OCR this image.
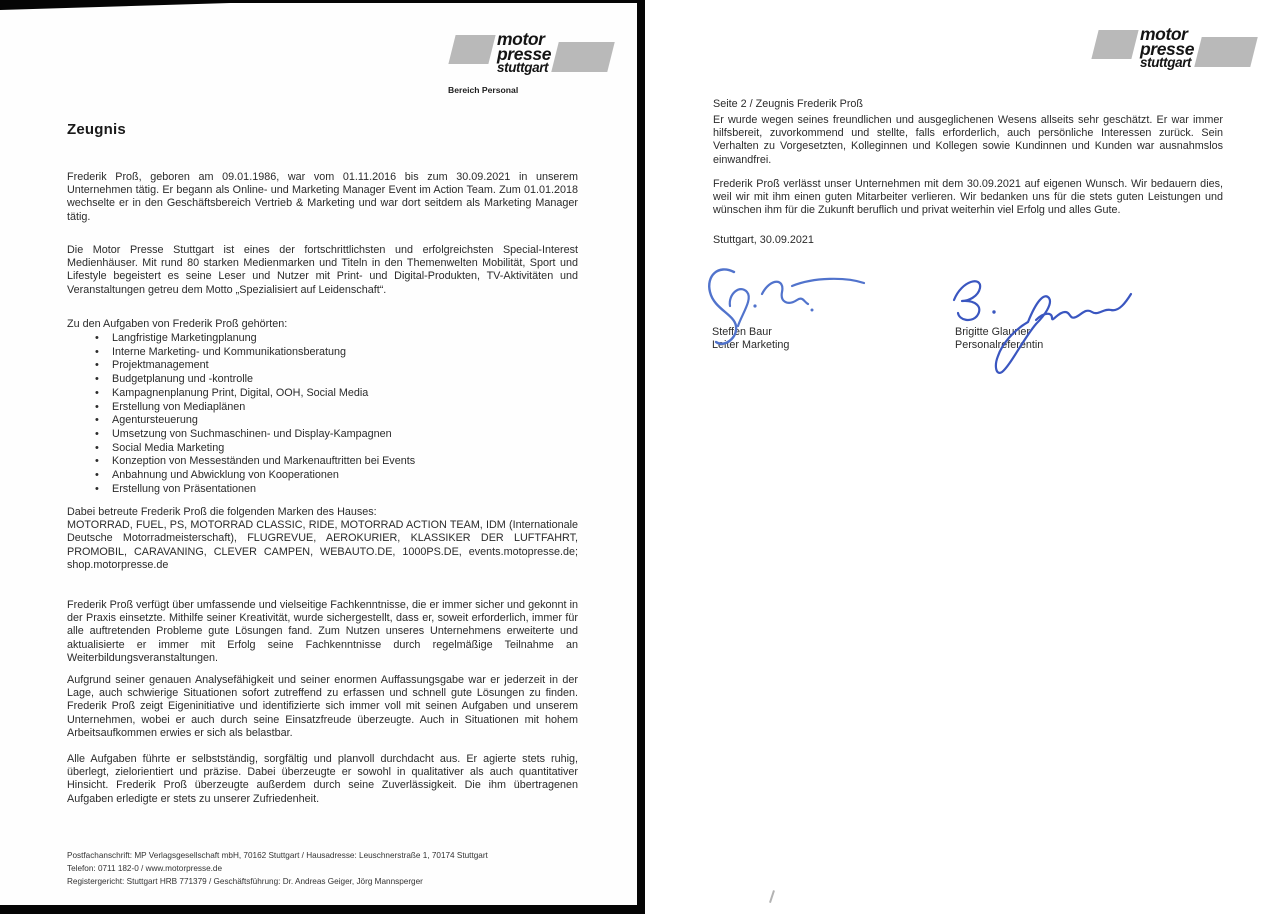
motor
presse
stuttgart
Bereich Personal
Zeugnis
Frederik Proß, geboren am 09.01.1986, war vom 01.11.2016 bis zum 30.09.2021 in unserem Unternehmen tätig. Er begann als Online- und Marketing Manager Event im Action Team. Zum 01.01.2018 wechselte er in den Geschäftsbereich Vertrieb & Marketing und war dort seitdem als Marketing Manager tätig.
Die Motor Presse Stuttgart ist eines der fortschrittlichsten und erfolgreichsten Special-Interest Medienhäuser. Mit rund 80 starken Medienmarken und Titeln in den Themenwelten Mobilität, Sport und Lifestyle begeistert es seine Leser und Nutzer mit Print- und Digital-Produkten, TV-Aktivitäten und Veranstaltungen getreu dem Motto „Spezialisiert auf Leidenschaft“.
Zu den Aufgaben von Frederik Proß gehörten:
• Langfristige Marketingplanung
• Interne Marketing- und Kommunikationsberatung
• Projektmanagement
• Budgetplanung und -kontrolle
• Kampagnenplanung Print, Digital, OOH, Social Media
• Erstellung von Mediaplänen
• Agentursteuerung
• Umsetzung von Suchmaschinen- und Display-Kampagnen
• Social Media Marketing
• Konzeption von Messeständen und Markenauftritten bei Events
• Anbahnung und Abwicklung von Kooperationen
• Erstellung von Präsentationen
Dabei betreute Frederik Proß die folgenden Marken des Hauses:
MOTORRAD, FUEL, PS, MOTORRAD CLASSIC, RIDE, MOTORRAD ACTION TEAM, IDM (Internationale Deutsche Motorradmeisterschaft), FLUGREVUE, AEROKURIER, KLASSIKER DER LUFTFAHRT, PROMOBIL, CARAVANING, CLEVER CAMPEN, WEBAUTO.DE, 1000PS.DE, events.motopresse.de; shop.motorpresse.de
Frederik Proß verfügt über umfassende und vielseitige Fachkenntnisse, die er immer sicher und gekonnt in der Praxis einsetzte. Mithilfe seiner Kreativität, wurde sichergestellt, dass er, soweit erforderlich, immer für alle auftretenden Probleme gute Lösungen fand. Zum Nutzen unseres Unternehmens erweiterte und aktualisierte er immer mit Erfolg seine Fachkenntnisse durch regelmäßige Teilnahme an Weiterbildungsveranstaltungen.
Aufgrund seiner genauen Analysefähigkeit und seiner enormen Auffassungsgabe war er jederzeit in der Lage, auch schwierige Situationen sofort zutreffend zu erfassen und schnell gute Lösungen zu finden. Frederik Proß zeigt Eigeninitiative und identifizierte sich immer voll mit seinen Aufgaben und unserem Unternehmen, wobei er auch durch seine Einsatzfreude überzeugte. Auch in Situationen mit hohem Arbeitsaufkommen erwies er sich als belastbar.
Alle Aufgaben führte er selbstständig, sorgfältig und planvoll durchdacht aus. Er agierte stets ruhig, überlegt, zielorientiert und präzise. Dabei überzeugte er sowohl in qualitativer als auch quantitativer Hinsicht. Frederik Proß überzeugte außerdem durch seine Zuverlässigkeit. Die ihm übertragenen Aufgaben erledigte er stets zu unserer Zufriedenheit.
Postfachanschrift: MP Verlagsgesellschaft mbH, 70162 Stuttgart / Hausadresse: Leuschnerstraße 1, 70174 Stuttgart
Telefon: 0711 182-0 / www.motorpresse.de
Registergericht: Stuttgart HRB 771379 / Geschäftsführung: Dr. Andreas Geiger, Jörg Mannsperger
motor
presse
stuttgart
Seite 2 / Zeugnis Frederik Proß
Er wurde wegen seines freundlichen und ausgeglichenen Wesens allseits sehr geschätzt. Er war immer hilfsbereit, zuvorkommend und stellte, falls erforderlich, auch persönliche Interessen zurück. Sein Verhalten zu Vorgesetzten, Kolleginnen und Kollegen sowie Kundinnen und Kunden war ausnahmslos einwandfrei.
Frederik Proß verlässt unser Unternehmen mit dem 30.09.2021 auf eigenen Wunsch. Wir bedauern dies, weil wir mit ihm einen guten Mitarbeiter verlieren. Wir bedanken uns für die stets guten Leistungen und wünschen ihm für die Zukunft beruflich und privat weiterhin viel Erfolg und alles Gute.
Stuttgart, 30.09.2021
Steffen Baur
Leiter Marketing
Brigitte Glauner
Personalreferentin
